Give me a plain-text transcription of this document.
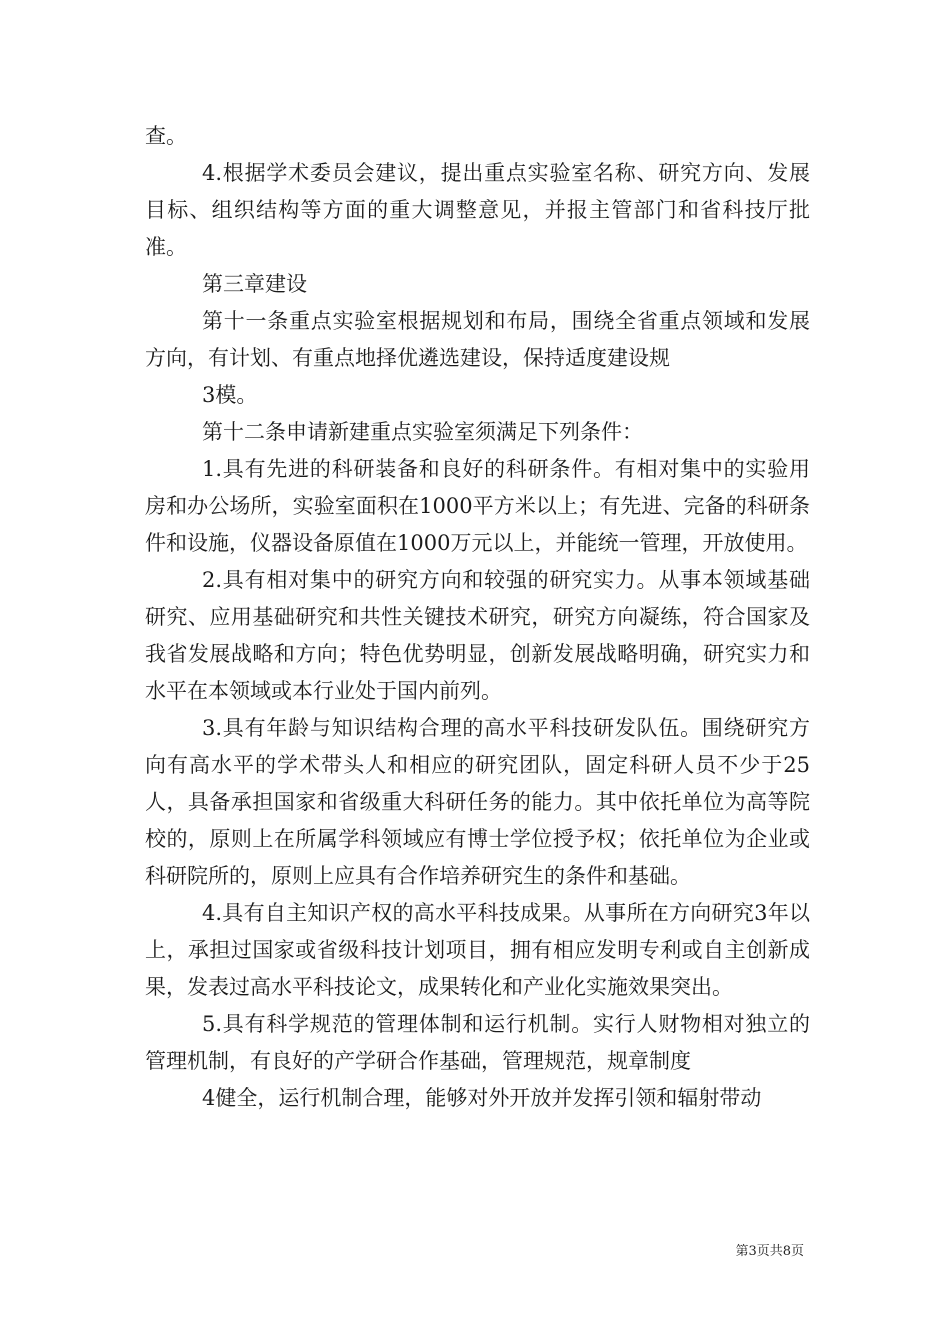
查。

4.根据学术委员会建议，提出重点实验室名称、研究方向、发展目标、组织结构等方面的重大调整意见，并报主管部门和省科技厅批准。

第三章建设

第十一条重点实验室根据规划和布局，围绕全省重点领域和发展方向，有计划、有重点地择优遴选建设，保持适度建设规

3模。

第十二条申请新建重点实验室须满足下列条件：

1.具有先进的科研装备和良好的科研条件。有相对集中的实验用房和办公场所，实验室面积在1000平方米以上；有先进、完备的科研条件和设施，仪器设备原值在1000万元以上，并能统一管理，开放使用。

2.具有相对集中的研究方向和较强的研究实力。从事本领域基础研究、应用基础研究和共性关键技术研究，研究方向凝练，符合国家及我省发展战略和方向；特色优势明显，创新发展战略明确，研究实力和水平在本领域或本行业处于国内前列。

3.具有年龄与知识结构合理的高水平科技研发队伍。围绕研究方向有高水平的学术带头人和相应的研究团队，固定科研人员不少于25人，具备承担国家和省级重大科研任务的能力。其中依托单位为高等院校的，原则上在所属学科领域应有博士学位授予权；依托单位为企业或科研院所的，原则上应具有合作培养研究生的条件和基础。

4.具有自主知识产权的高水平科技成果。从事所在方向研究3年以上，承担过国家或省级科技计划项目，拥有相应发明专利或自主创新成果，发表过高水平科技论文，成果转化和产业化实施效果突出。

5.具有科学规范的管理体制和运行机制。实行人财物相对独立的管理机制，有良好的产学研合作基础，管理规范，规章制度

4健全，运行机制合理，能够对外开放并发挥引领和辐射带动

第3页共8页
